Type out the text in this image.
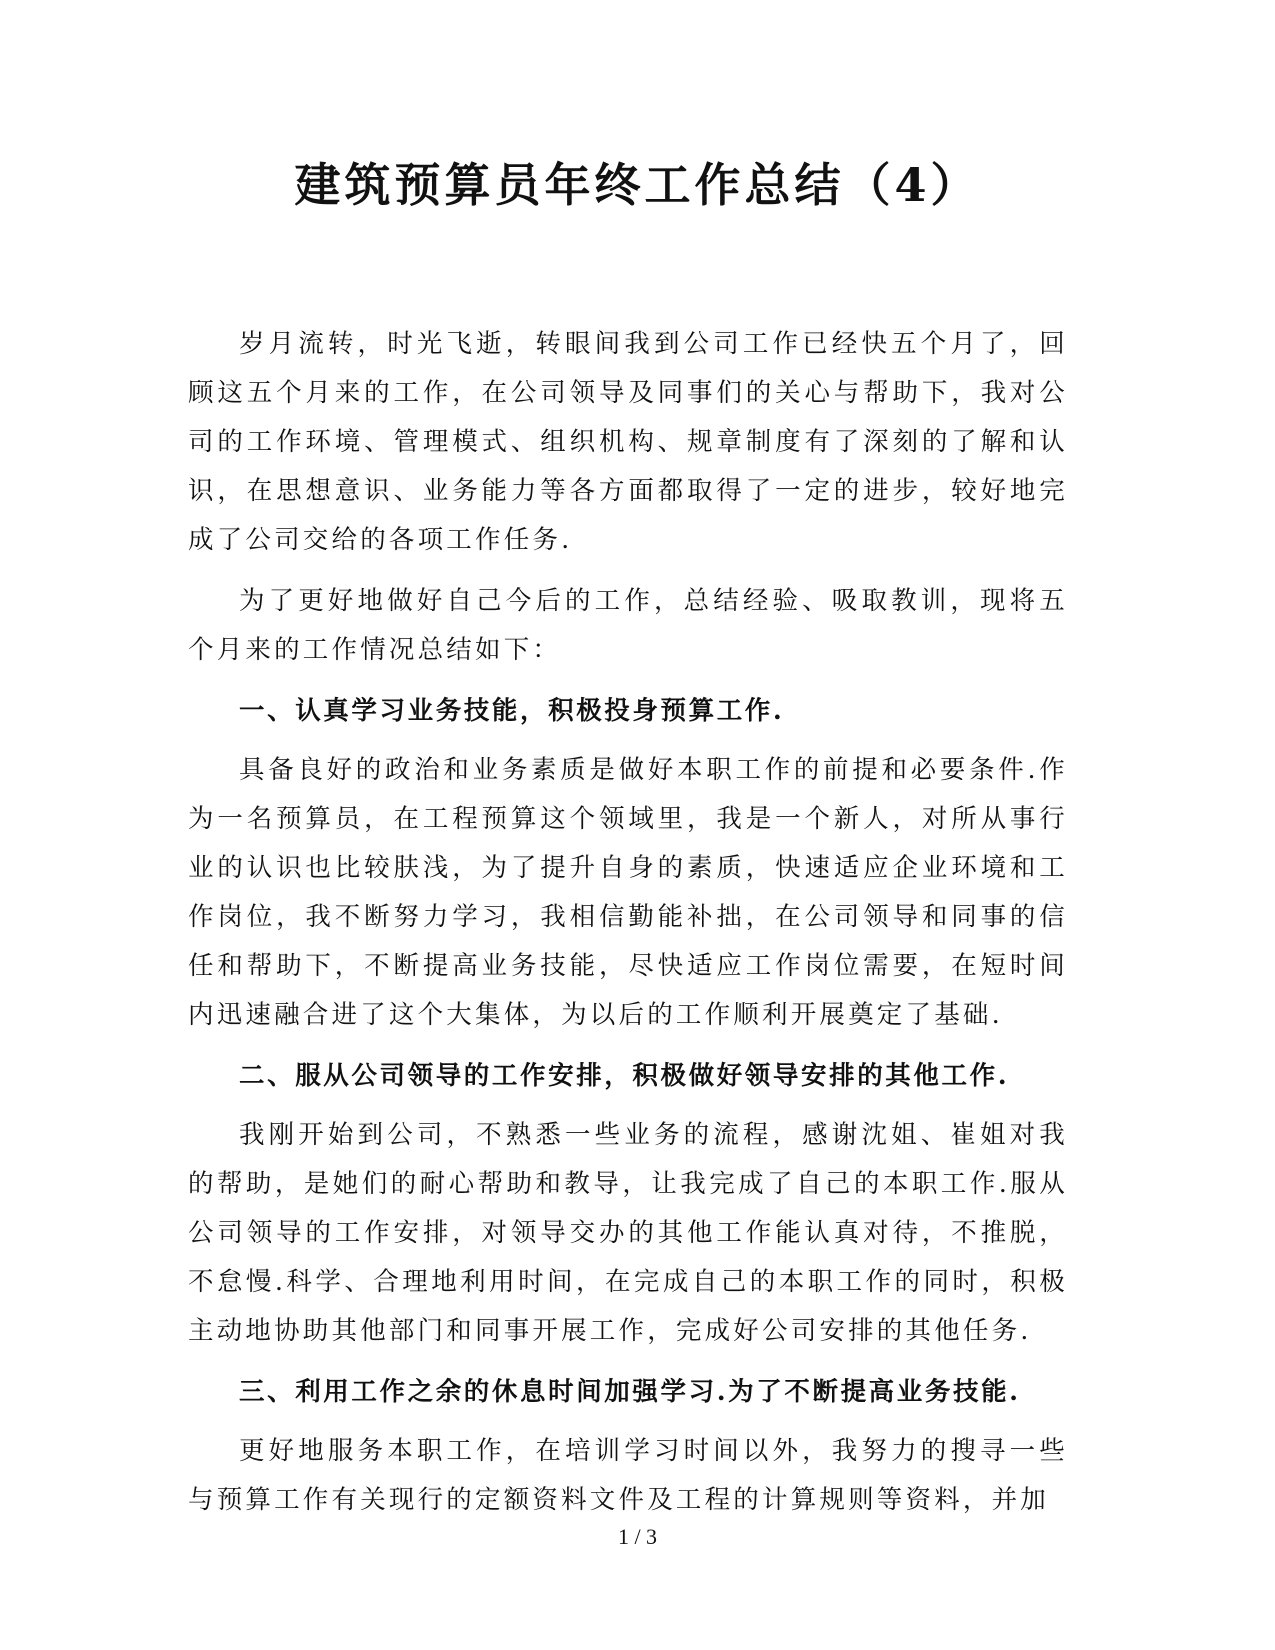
建筑预算员年终工作总结（4）

岁月流转，时光飞逝，转眼间我到公司工作已经快五个月了，回顾这五个月来的工作，在公司领导及同事们的关心与帮助下，我对公司的工作环境、管理模式、组织机构、规章制度有了深刻的了解和认识，在思想意识、业务能力等各方面都取得了一定的进步，较好地完成了公司交给的各项工作任务.

为了更好地做好自己今后的工作，总结经验、吸取教训，现将五个月来的工作情况总结如下：

一、认真学习业务技能，积极投身预算工作.

具备良好的政治和业务素质是做好本职工作的前提和必要条件.作为一名预算员，在工程预算这个领域里，我是一个新人，对所从事行业的认识也比较肤浅，为了提升自身的素质，快速适应企业环境和工作岗位，我不断努力学习，我相信勤能补拙，在公司领导和同事的信任和帮助下，不断提高业务技能，尽快适应工作岗位需要，在短时间内迅速融合进了这个大集体，为以后的工作顺利开展奠定了基础.

二、服从公司领导的工作安排，积极做好领导安排的其他工作.

我刚开始到公司，不熟悉一些业务的流程，感谢沈姐、崔姐对我的帮助，是她们的耐心帮助和教导，让我完成了自己的本职工作.服从公司领导的工作安排，对领导交办的其他工作能认真对待，不推脱，不怠慢.科学、合理地利用时间，在完成自己的本职工作的同时，积极主动地协助其他部门和同事开展工作，完成好公司安排的其他任务.

三、利用工作之余的休息时间加强学习.为了不断提高业务技能.

更好地服务本职工作，在培训学习时间以外，我努力的搜寻一些与预算工作有关现行的定额资料文件及工程的计算规则等资料，并加

1 / 3
